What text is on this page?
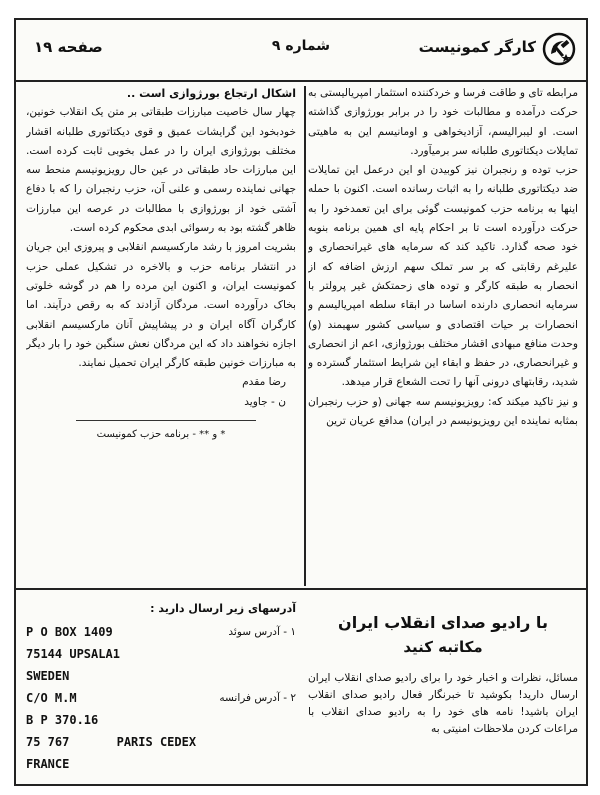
کارگر کمونیست
شماره ۹
صفحه ۱۹

مرابطه تای و طاقت فرسا و خردکننده استثمار امپریالیستی به حرکت درآمده و مطالبات خود را در برابر بورژوازی گذاشته است. او لیبرالیسم، آزادیخواهی و اومانیسم این به ماهیتی تمایلات دیکتاتوری طلبانه سر برمیآورد.

حزب توده و رنجبران نیز کوبیدن او این درعمل این تمایلات ضد دیکتاتوری طلبانه را به اثبات رسانده است. اکنون با حمله اینها به برنامه حزب کمونیست گوئی برای این تعمدخود را به حرکت درآورده است تا بر احکام پایه ای همین برنامه بنوبه خود صحه گذارد. تاکید کند که سرمایه های غیرانحصاری و علیرغم رقابتی که بر سر تملک سهم ارزش اضافه که از انحصار به طبقه کارگر و توده های زحمتکش غیر پرولتر با سرمایه انحصاری دارنده اساسا در ابقاء سلطه امپریالیسم و انحصارات بر حیات اقتصادی و سیاسی کشور سهیمند (و) وحدت منافع مبهادی اقشار مختلف بورژوازی، اعم از انحصاری و غیرانحصاری، در حفظ و ابقاء این شرایط استثمار گسترده و شدید، رقابتهای درونی آنها را تحت الشعاع قرار میدهد.

و نیز تاکید میکند که: رویزیونیسم سه جهانی (و حزب رنجبران بمثابه نماینده این رویزیونیسم در ایران) مدافع عریان ترین

اشکال ارتجاع بورژوازی است ..

چهار سال خاصیت مبارزات طبقاتی بر متن یک انقلاب خونین، خودبخود این گرایشات عمیق و قوی دیکتاتوری طلبانه اقشار مختلف بورژوازی ایران را در عمل بخوبی ثابت کرده است. این مبارزات حاد طبقاتی در عین حال رویزیونیسم منحط سه جهانی نماینده رسمی و علنی آن، حزب رنجبران را که با دفاع آشتی خود از بورژوازی با مطالبات در عرصه این مبارزات ظاهر گشته بود به رسوائی ابدی محکوم کرده است.

بشریت امروز با رشد مارکسیسم انقلابی و پیروزی این جریان در انتشار برنامه حزب و بالاخره در تشکیل عملی حزب کمونیست ایران، و اکنون این مرده را هم در گوشه خلوتی بخاک درآورده است. مردگان آزادند که به رقص درآیند. اما کارگران آگاه ایران و در پیشاپیش آنان مارکسیسم انقلابی اجازه نخواهند داد که این مردگان نعش سنگین خود را بار دیگر به مبارزات خونین طبقه کارگر ایران تحمیل نمایند.

رضا مقدم

ن - جاوید

* و ** - برنامه حزب کمونیست

با رادیو صدای انقلاب ایران
مکاتبه کنید

مسائل، نظرات و اخبار خود را برای رادیو صدای انقلاب ایران ارسال دارید! بکوشید تا خبرنگار فعال رادیو صدای انقلاب ایران باشید! نامه های خود را به رادیو صدای انقلاب با مراعات کردن ملاحظات امنیتی به

آدرسهای زیر ارسال دارید :
P O BOX 1409	۱ - آدرس سوئد
75144 UPSALA1
SWEDEN
C/O M.M	۲ - آدرس فرانسه
B P 370.16
75 767	PARIS CEDEX
FRANCE
